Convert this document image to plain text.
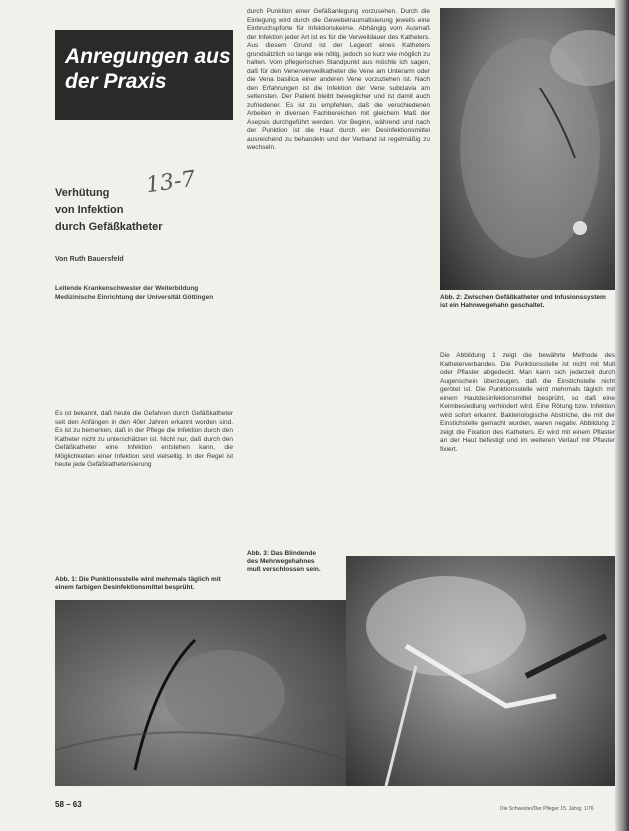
Anregungen aus der Praxis
13-7
Verhütung
von Infektion
durch Gefäßkatheter
Von Ruth Bauersfeld
Leitende Krankenschwester der Weiterbildung Medizinische Einrichtung der Universität Göttingen
durch Punktion einer Gefäßanlegung vorzusehen. Durch die Einlegung wird durch die Gewebetraumatisierung jeweils eine Einbruchspforte für Infektionskeime. Abhängig vom Ausmaß der Infektion jeder Art ist es für die Verweildauer des Katheters. Aus diesem Grund ist der Legeort eines Katheters grundsätzlich so lange wie nötig, jedoch so kurz wie möglich zu halten. Vom pflegerischen Standpunkt aus möchte ich sagen, daß für den Venenverweilkatheter die Vene am Unterarm oder die Vena basilica einer anderen Vene vorzuziehen ist. Nach den Erfahrungen ist die Infektion der Vene subclavia am seltensten. Der Patient bleibt beweglicher und ist damit auch zufriedener. Es ist zu empfehlen, daß die verschiedenen Arbeiten in diversen Fachbereichen mit gleichem Maß der Asepsis durchgeführt werden. Vor Beginn, während und nach der Punktion ist die Haut durch ein Desinfektionsmittel ausreichend zu behandeln und der Verband ist regelmäßig zu wechseln.
Abb. 2: Zwischen Gefäßkatheter und Infusionssystem ist ein Hahnwegehahn geschaltet.
Es ist bekannt, daß heute die Gefahren durch Gefäßkatheter seit den Anfängen in den 40er Jahren erkannt worden sind. Es ist zu bemerken, daß in der Pflege die Infektion durch den Katheter nicht zu unterschätzen ist. Nicht nur, daß durch den Gefäßkatheter eine Infektion entstehen kann, die Möglichkeiten einer Infektion sind vielseitig. In der Regel ist heute jede Gefäßkatheterisierung
Die Abbildung 1 zeigt die bewährte Methode des Katheterverbandes. Die Punktionsstelle ist nicht mit Mull oder Pflaster abgedeckt. Man kann sich jederzeit durch Augenschein überzeugen, daß die Einstichstelle nicht gerötet ist. Die Punktionsstelle wird mehrmals täglich mit einem Hautdesinfektionsmittel besprüht, so daß eine Keimbesiedlung verhindert wird. Eine Rötung bzw. Infektion wird sofort erkannt. Bakteriologische Abstriche, die mit der Einstichstelle gemacht wurden, waren negativ. Abbildung 2 zeigt die Fixation des Katheters. Er wird mit einem Pflaster an der Haut befestigt und im weiteren Verlauf mit Pflaster fixiert.
Abb. 1: Die Punktionsstelle wird mehrmals täglich mit einem farbigen Desinfektionsmittel besprüht.
Abb. 3: Das Blindende des Mehrwegehahnes muß verschlossen sein.
58 – 63	Die Schwester/Der Pfleger 15. Jahrg. 1/76
